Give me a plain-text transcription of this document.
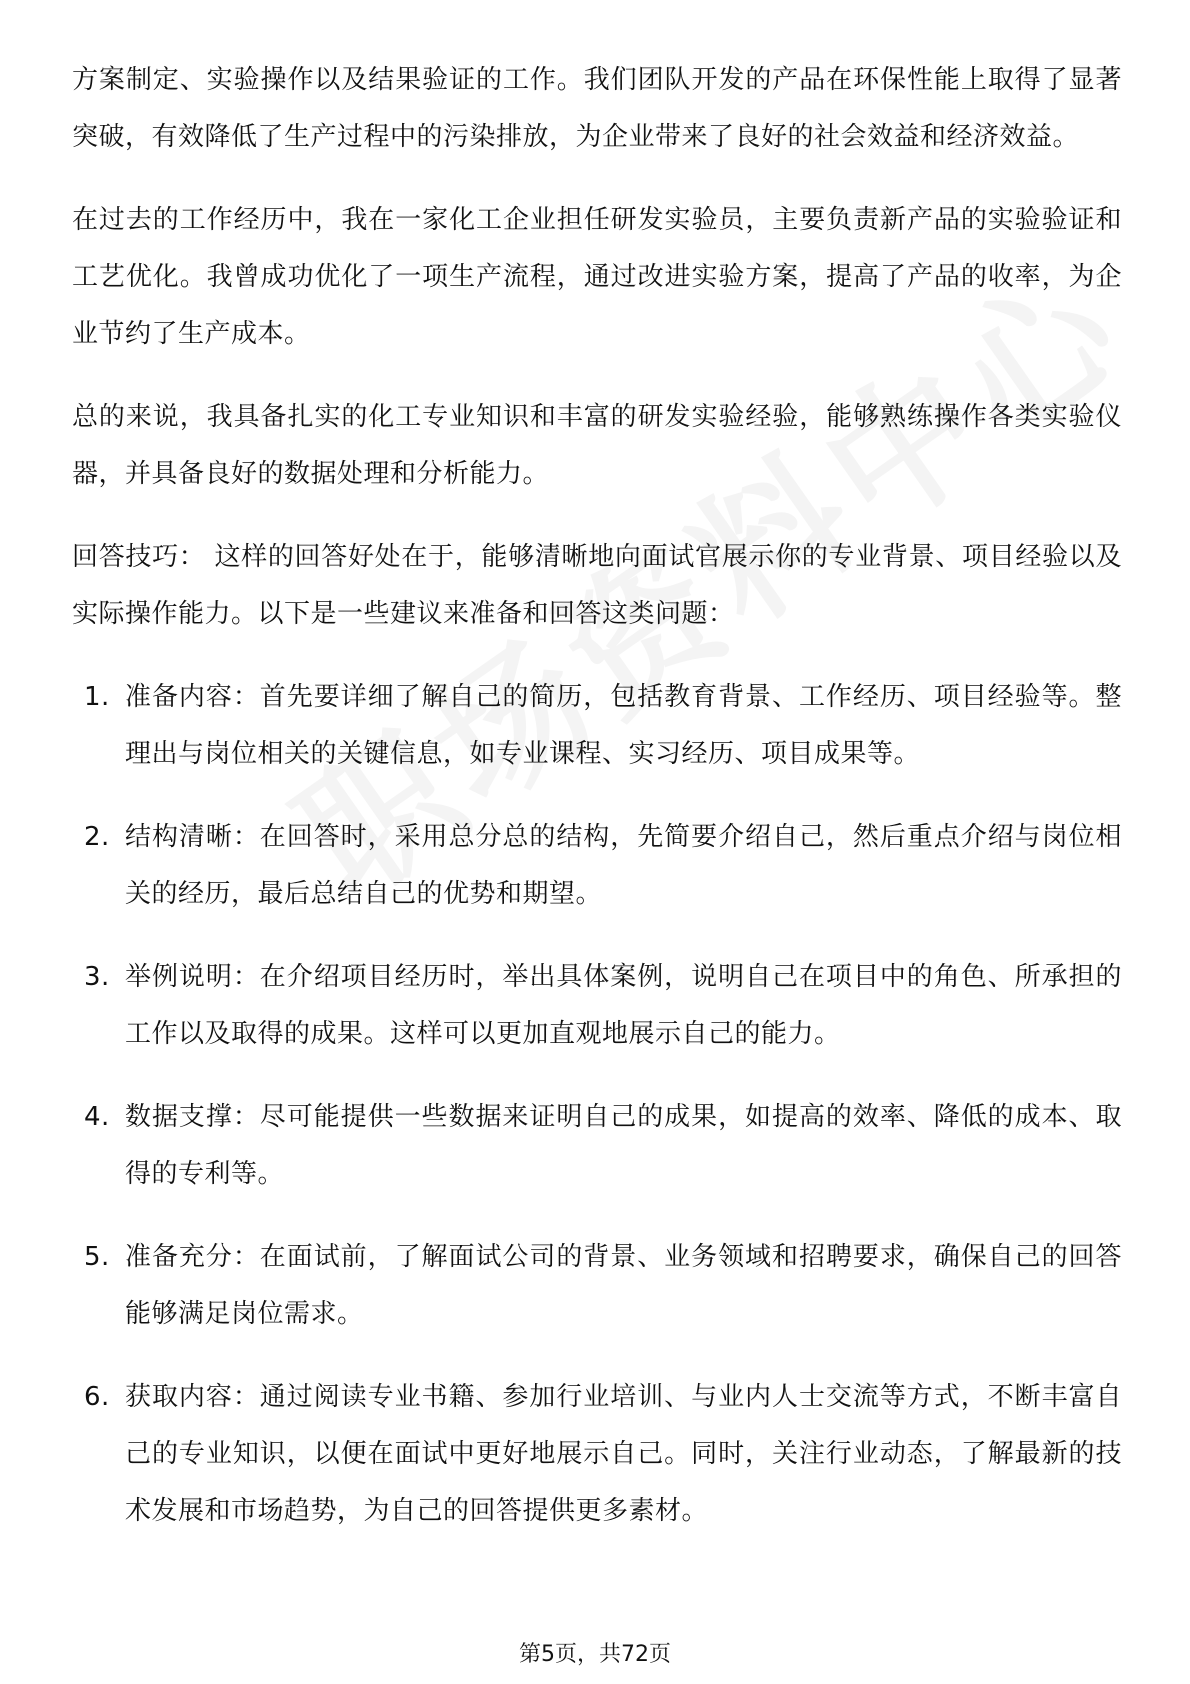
方案制定、实验操作以及结果验证的工作。我们团队开发的产品在环保性能上取得了显著突破，有效降低了生产过程中的污染排放，为企业带来了良好的社会效益和经济效益。

在过去的工作经历中，我在一家化工企业担任研发实验员，主要负责新产品的实验验证和工艺优化。我曾成功优化了一项生产流程，通过改进实验方案，提高了产品的收率，为企业节约了生产成本。

总的来说，我具备扎实的化工专业知识和丰富的研发实验经验，能够熟练操作各类实验仪器，并具备良好的数据处理和分析能力。

回答技巧： 这样的回答好处在于，能够清晰地向面试官展示你的专业背景、项目经验以及实际操作能力。以下是一些建议来准备和回答这类问题：

1. 准备内容：首先要详细了解自己的简历，包括教育背景、工作经历、项目经验等。整理出与岗位相关的关键信息，如专业课程、实习经历、项目成果等。
2. 结构清晰：在回答时，采用总分总的结构，先简要介绍自己，然后重点介绍与岗位相关的经历，最后总结自己的优势和期望。
3. 举例说明：在介绍项目经历时，举出具体案例，说明自己在项目中的角色、所承担的工作以及取得的成果。这样可以更加直观地展示自己的能力。
4. 数据支撑：尽可能提供一些数据来证明自己的成果，如提高的效率、降低的成本、取得的专利等。
5. 准备充分：在面试前，了解面试公司的背景、业务领域和招聘要求，确保自己的回答能够满足岗位需求。
6. 获取内容：通过阅读专业书籍、参加行业培训、与业内人士交流等方式，不断丰富自己的专业知识，以便在面试中更好地展示自己。同时，关注行业动态，了解最新的技术发展和市场趋势，为自己的回答提供更多素材。
第5页，共72页
